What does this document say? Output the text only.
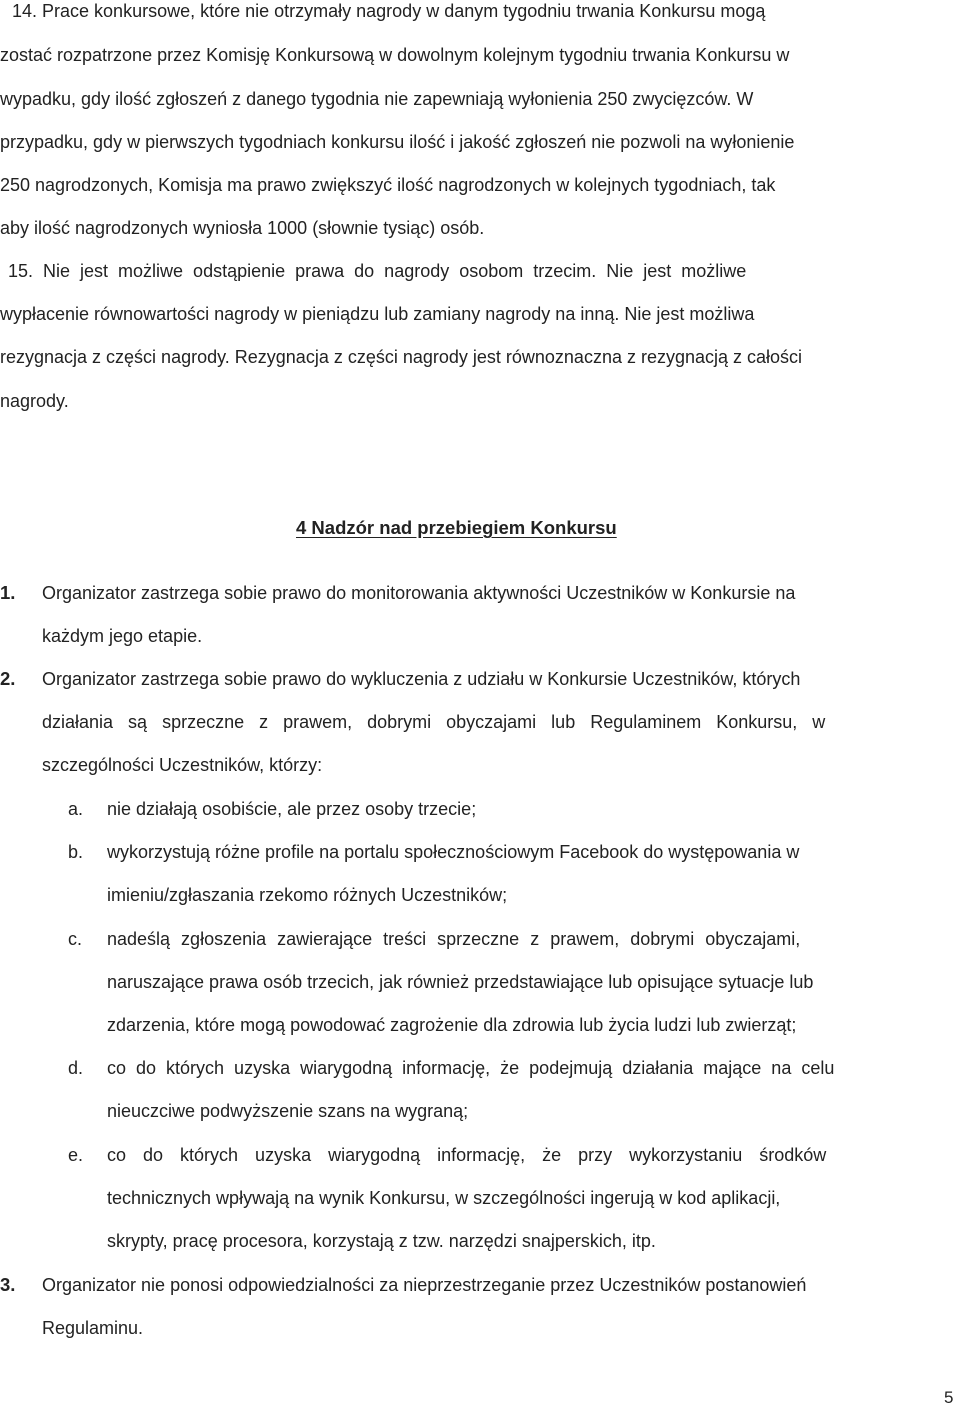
14. Prace konkursowe, które nie otrzymały nagrody w danym tygodniu trwania Konkursu mogą
zostać rozpatrzone przez Komisję Konkursową w dowolnym kolejnym tygodniu trwania Konkursu w
wypadku, gdy ilość zgłoszeń z danego tygodnia nie zapewniają wyłonienia 250 zwycięzców. W
przypadku, gdy w pierwszych tygodniach konkursu ilość i jakość zgłoszeń nie pozwoli na wyłonienie
250 nagrodzonych, Komisja ma prawo zwiększyć ilość nagrodzonych w kolejnych tygodniach, tak
aby ilość nagrodzonych wyniosła 1000 (słownie tysiąc) osób.
15. Nie jest możliwe odstąpienie prawa do nagrody osobom trzecim. Nie jest możliwe
wypłacenie równowartości nagrody w pieniądzu lub zamiany nagrody na inną. Nie jest możliwa
rezygnacja z części nagrody. Rezygnacja z części nagrody jest równoznaczna z rezygnacją z całości
nagrody.
4 Nadzór nad przebiegiem Konkursu
1. Organizator zastrzega sobie prawo do monitorowania aktywności Uczestników w Konkursie na
każdym jego etapie.
2. Organizator zastrzega sobie prawo do wykluczenia z udziału w Konkursie Uczestników, których
działania są sprzeczne z prawem, dobrymi obyczajami lub Regulaminem Konkursu, w
szczególności Uczestników, którzy:
a. nie działają osobiście, ale przez osoby trzecie;
b. wykorzystują różne profile na portalu społecznościowym Facebook do występowania w
imieniu/zgłaszania rzekomo różnych Uczestników;
c. nadeślą zgłoszenia zawierające treści sprzeczne z prawem, dobrymi obyczajami,
naruszające prawa osób trzecich, jak również przedstawiające lub opisujące sytuacje lub
zdarzenia, które mogą powodować zagrożenie dla zdrowia lub życia ludzi lub zwierząt;
d. co do których uzyska wiarygodną informację, że podejmują działania mające na celu
nieuczciwe podwyższenie szans na wygraną;
e. co do których uzyska wiarygodną informację, że przy wykorzystaniu środków
technicznych wpływają na wynik Konkursu, w szczególności ingerują w kod aplikacji,
skrypty, pracę procesora, korzystają z tzw. narzędzi snajperskich, itp.
3. Organizator nie ponosi odpowiedzialności za nieprzestrzeganie przez Uczestników postanowień
Regulaminu.
5
